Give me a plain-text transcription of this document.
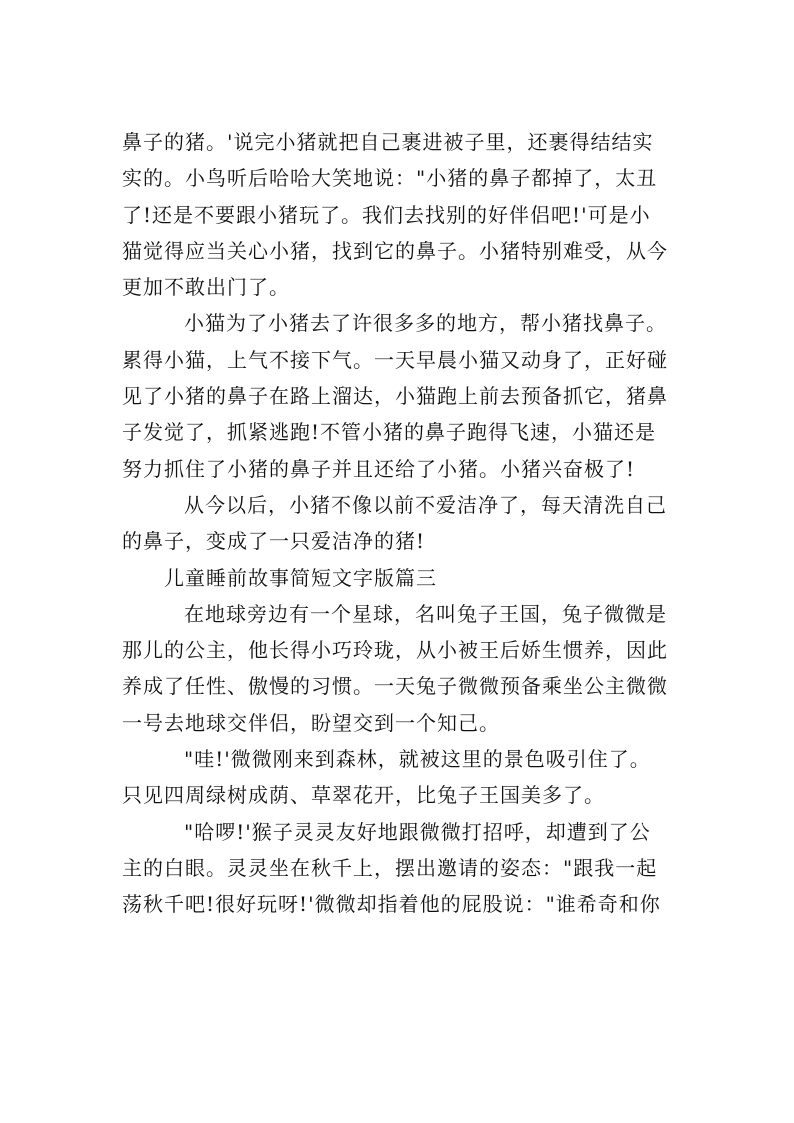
鼻子的猪。'说完小猪就把自己裹进被子里，还裹得结结实
实的。小鸟听后哈哈大笑地说："小猪的鼻子都掉了，太丑
了!还是不要跟小猪玩了。我们去找别的好伴侣吧!'可是小
猫觉得应当关心小猪，找到它的鼻子。小猪特别难受，从今
更加不敢出门了。
小猫为了小猪去了许很多多的地方，帮小猪找鼻子。
累得小猫，上气不接下气。一天早晨小猫又动身了，正好碰
见了小猪的鼻子在路上溜达，小猫跑上前去预备抓它，猪鼻
子发觉了，抓紧逃跑!不管小猪的鼻子跑得飞速，小猫还是
努力抓住了小猪的鼻子并且还给了小猪。小猪兴奋极了!
从今以后，小猪不像以前不爱洁净了，每天清洗自己
的鼻子，变成了一只爱洁净的猪!
儿童睡前故事简短文字版篇三
在地球旁边有一个星球，名叫兔子王国，兔子微微是
那儿的公主，他长得小巧玲珑，从小被王后娇生惯养，因此
养成了任性、傲慢的习惯。一天兔子微微预备乘坐公主微微
一号去地球交伴侣，盼望交到一个知己。
"哇!'微微刚来到森林，就被这里的景色吸引住了。
只见四周绿树成荫、草翠花开，比兔子王国美多了。
"哈啰!'猴子灵灵友好地跟微微打招呼，却遭到了公
主的白眼。灵灵坐在秋千上，摆出邀请的姿态："跟我一起
荡秋千吧!很好玩呀!'微微却指着他的屁股说："谁希奇和你
